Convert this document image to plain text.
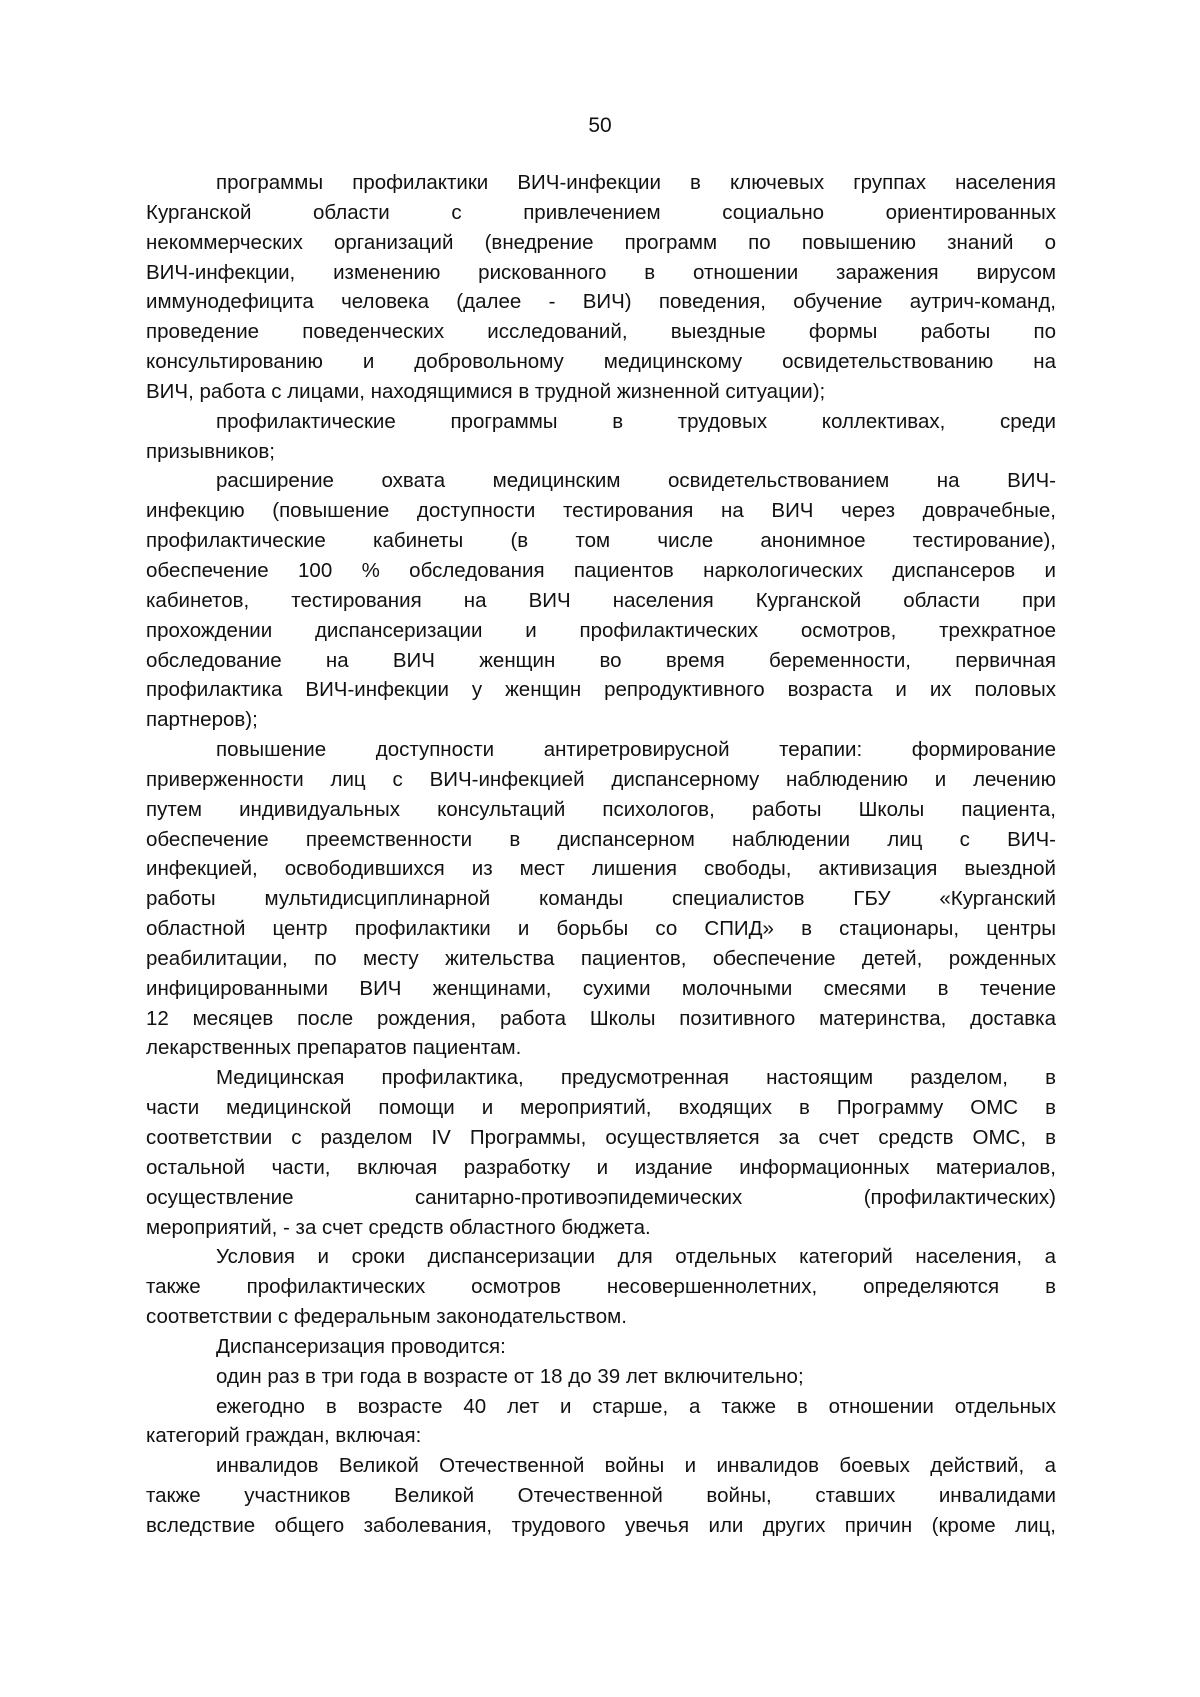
50
программы профилактики ВИЧ-инфекции в ключевых группах населения
Курганской области с привлечением социально ориентированных
некоммерческих организаций (внедрение программ по повышению знаний о
ВИЧ-инфекции, изменению рискованного в отношении заражения вирусом
иммунодефицита человека (далее - ВИЧ) поведения, обучение аутрич-команд,
проведение поведенческих исследований, выездные формы работы по
консультированию и добровольному медицинскому освидетельствованию на
ВИЧ, работа с лицами, находящимися в трудной жизненной ситуации);
профилактические программы в трудовых коллективах, среди
призывников;
расширение охвата медицинским освидетельствованием на ВИЧ-
инфекцию (повышение доступности тестирования на ВИЧ через доврачебные,
профилактические кабинеты (в том числе анонимное тестирование),
обеспечение 100 % обследования пациентов наркологических диспансеров и
кабинетов, тестирования на ВИЧ населения Курганской области при
прохождении диспансеризации и профилактических осмотров, трехкратное
обследование на ВИЧ женщин во время беременности, первичная
профилактика ВИЧ-инфекции у женщин репродуктивного возраста и их половых
партнеров);
повышение доступности антиретровирусной терапии: формирование
приверженности лиц с ВИЧ-инфекцией диспансерному наблюдению и лечению
путем индивидуальных консультаций психологов, работы Школы пациента,
обеспечение преемственности в диспансерном наблюдении лиц с ВИЧ-
инфекцией, освободившихся из мест лишения свободы, активизация выездной
работы мультидисциплинарной команды специалистов ГБУ «Курганский
областной центр профилактики и борьбы со СПИД» в стационары, центры
реабилитации, по месту жительства пациентов, обеспечение детей, рожденных
инфицированными ВИЧ женщинами, сухими молочными смесями в течение
12 месяцев после рождения, работа Школы позитивного материнства, доставка
лекарственных препаратов пациентам.
Медицинская профилактика, предусмотренная настоящим разделом, в
части медицинской помощи и мероприятий, входящих в Программу ОМС в
соответствии с разделом IV Программы, осуществляется за счет средств ОМС, в
остальной части, включая разработку и издание информационных материалов,
осуществление санитарно-противоэпидемических (профилактических)
мероприятий, - за счет средств областного бюджета.
Условия и сроки диспансеризации для отдельных категорий населения, а
также профилактических осмотров несовершеннолетних, определяются в
соответствии с федеральным законодательством.
Диспансеризация проводится:
один раз в три года в возрасте от 18 до 39 лет включительно;
ежегодно в возрасте 40 лет и старше, а также в отношении отдельных
категорий граждан, включая:
инвалидов Великой Отечественной войны и инвалидов боевых действий, а
также участников Великой Отечественной войны, ставших инвалидами
вследствие общего заболевания, трудового увечья или других причин (кроме лиц,
